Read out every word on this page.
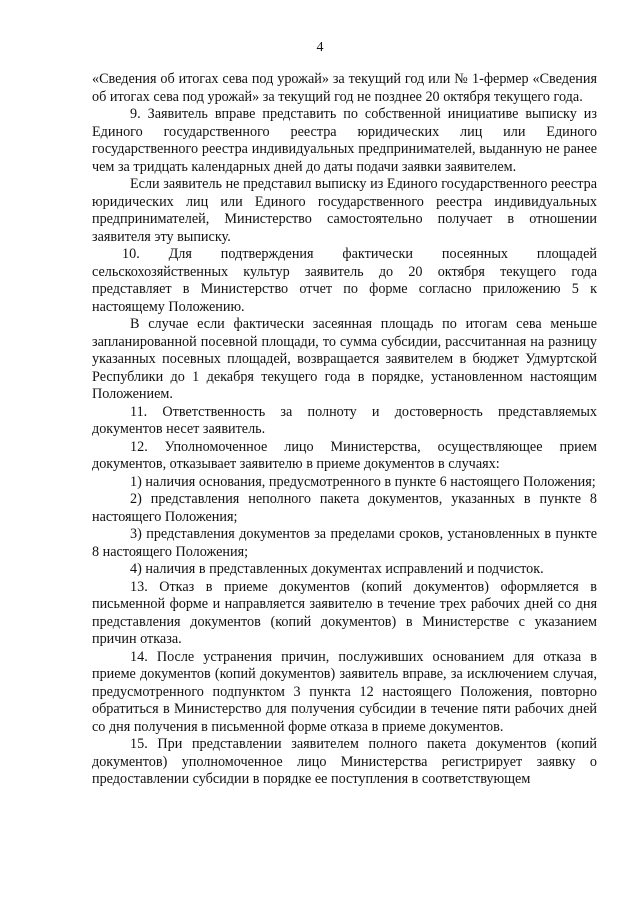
4

«Сведения об итогах сева под урожай» за текущий год или № 1-фермер «Сведения об итогах сева под урожай» за текущий год не позднее 20 октября текущего года.

9. Заявитель вправе представить по собственной инициативе выписку из Единого государственного реестра юридических лиц или Единого государственного реестра индивидуальных предпринимателей, выданную не ранее чем за тридцать календарных дней до даты подачи заявки заявителем.

Если заявитель не представил выписку из Единого государственного реестра юридических лиц или Единого государственного реестра индивидуальных предпринимателей, Министерство самостоятельно получает в отношении заявителя эту выписку.

10. Для подтверждения фактически посеянных площадей сельскохозяйственных культур заявитель до 20 октября текущего года представляет в Министерство отчет по форме согласно приложению 5 к настоящему Положению.

В случае если фактически засеянная площадь по итогам сева меньше запланированной посевной площади, то сумма субсидии, рассчитанная на разницу указанных посевных площадей, возвращается заявителем в бюджет Удмуртской Республики до 1 декабря текущего года в порядке, установленном настоящим Положением.

11. Ответственность за полноту и достоверность представляемых документов несет заявитель.

12. Уполномоченное лицо Министерства, осуществляющее прием документов, отказывает заявителю в приеме документов в случаях:

1) наличия основания, предусмотренного в пункте 6 настоящего Положения;

2) представления неполного пакета документов, указанных в пункте 8 настоящего Положения;

3) представления документов за пределами сроков, установленных в пункте 8 настоящего Положения;

4) наличия в представленных документах исправлений и подчисток.

13. Отказ в приеме документов (копий документов) оформляется в письменной форме и направляется заявителю в течение трех рабочих дней со дня представления документов (копий документов) в Министерстве с указанием причин отказа.

14. После устранения причин, послуживших основанием для отказа в приеме документов (копий документов) заявитель вправе, за исключением случая, предусмотренного подпунктом 3 пункта 12 настоящего Положения, повторно обратиться в Министерство для получения субсидии в течение пяти рабочих дней со дня получения в письменной форме отказа в приеме документов.

15. При представлении заявителем полного пакета документов (копий документов) уполномоченное лицо Министерства регистрирует заявку о предоставлении субсидии в порядке ее поступления в соответствующем
